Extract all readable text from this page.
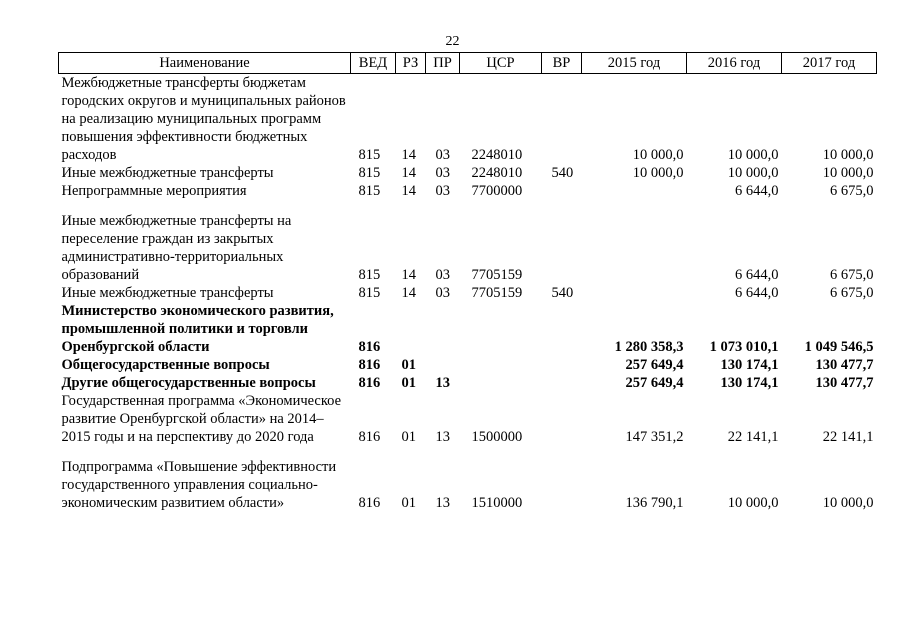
22
Наименование	ВЕД	РЗ	ПР	ЦСР	ВР	2015 год	2016 год	2017 год
Межбюджетные трансферты бюджетам городских округов и муниципальных районов на реализацию муниципальных программ повышения эффективности бюджетных расходов	815	14	03	2248010		10 000,0	10 000,0	10 000,0
Иные межбюджетные трансферты	815	14	03	2248010	540	10 000,0	10 000,0	10 000,0
Непрограммные мероприятия	815	14	03	7700000			6 644,0	6 675,0
Иные межбюджетные трансферты на переселение граждан из закрытых административно-территориальных образований	815	14	03	7705159			6 644,0	6 675,0
Иные межбюджетные трансферты	815	14	03	7705159	540		6 644,0	6 675,0
Министерство экономического развития, промышленной политики и торговли Оренбургской области	816					1 280 358,3	1 073 010,1	1 049 546,5
Общегосударственные вопросы	816	01				257 649,4	130 174,1	130 477,7
Другие общегосударственные вопросы	816	01	13			257 649,4	130 174,1	130 477,7
Государственная программа «Экономическое развитие Оренбургской области» на 2014–2015 годы и на перспективу до 2020 года	816	01	13	1500000		147 351,2	22 141,1	22 141,1
Подпрограмма «Повышение эффективности государственного управления социально-экономическим развитием области»	816	01	13	1510000		136 790,1	10 000,0	10 000,0
